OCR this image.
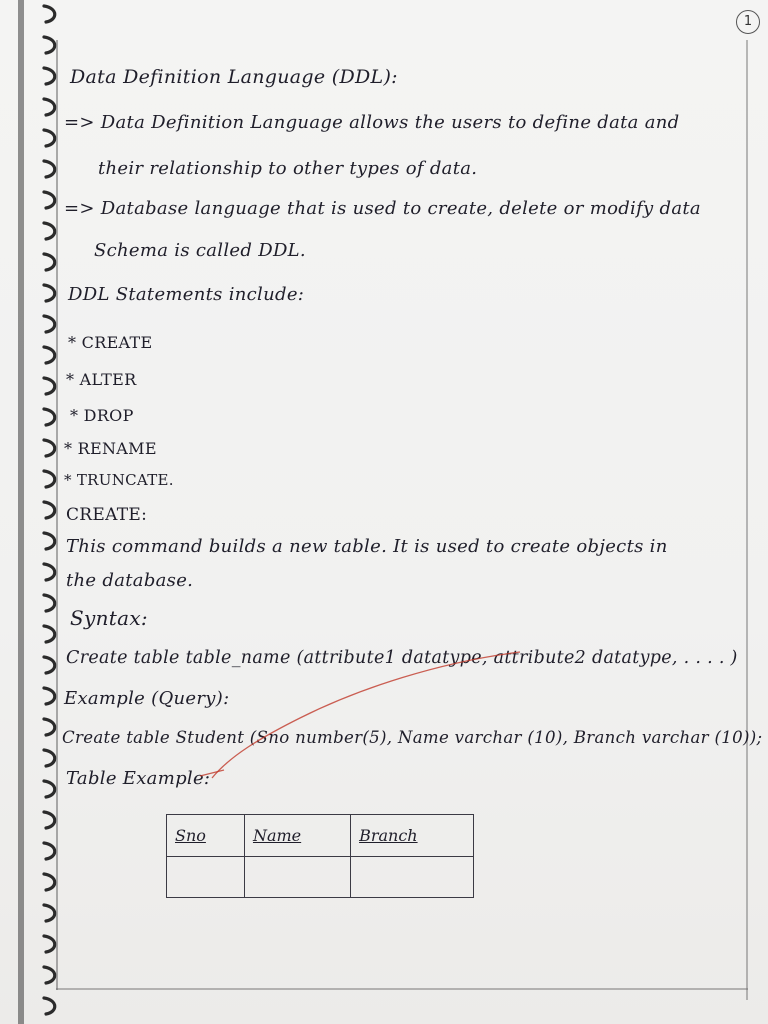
1
Data Definition Language (DDL):
=> Data Definition Language allows the users to define data and
their relationship to other types of data.
=> Database language that is used to create, delete or modify data
Schema is called DDL.
DDL Statements include:
* CREATE
* ALTER
* DROP
* RENAME
* TRUNCATE.
CREATE:
This command builds a new table. It is used to create objects in
the database.
Syntax:
Create table table_name (attribute1 datatype, attribute2 datatype, . . . . )
Example (Query):
Create table Student (Sno number(5), Name varchar (10), Branch varchar (10));
Table Example:
Sno	Name	Branch
